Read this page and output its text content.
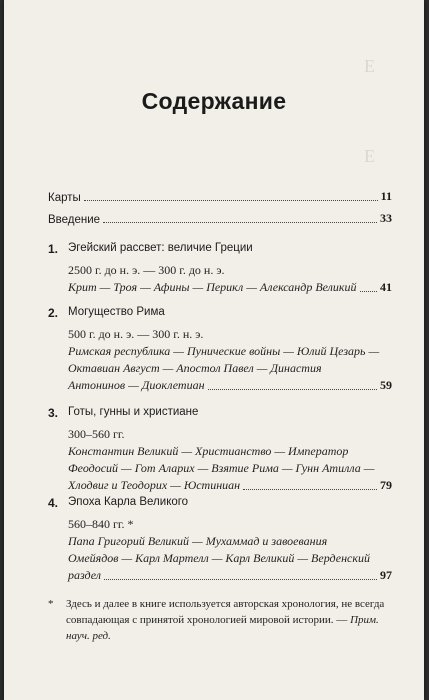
E
E
Содержание
Карты	11
Введение	33
1. Эгейский рассвет: величие Греции
2500 г. до н. э. — 300 г. до н. э.
Крит — Троя — Афины — Перикл — Александр Великий 41
2. Могущество Рима
500 г. до н. э. — 300 г. н. э.
Римская республика — Пунические войны — Юлий Цезарь —
Октавиан Август — Апостол Павел — Династия
Антонинов — Диоклетиан	59
3. Готы, гунны и христиане
300–560 гг.
Константин Великий — Христианство — Император
Феодосий — Гот Аларих — Взятие Рима — Гунн Атилла —
Хлодвиг и Теодорих — Юстиниан	79
4. Эпоха Карла Великого
560–840 гг. *
Папа Григорий Великий — Мухаммад и завоевания
Омейядов — Карл Мартелл — Карл Великий — Верденский
раздел	97
*	Здесь и далее в книге используется авторская хронология, не всегда совпадающая с принятой хронологией мировой истории. — Прим. науч. ред.
